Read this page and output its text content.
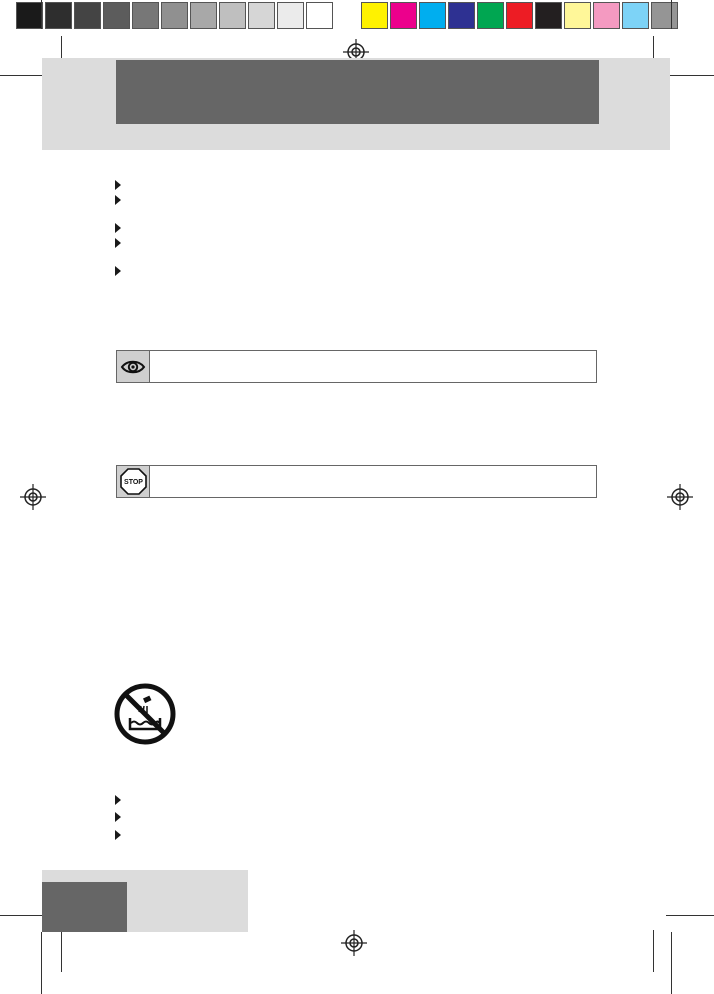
STOP
